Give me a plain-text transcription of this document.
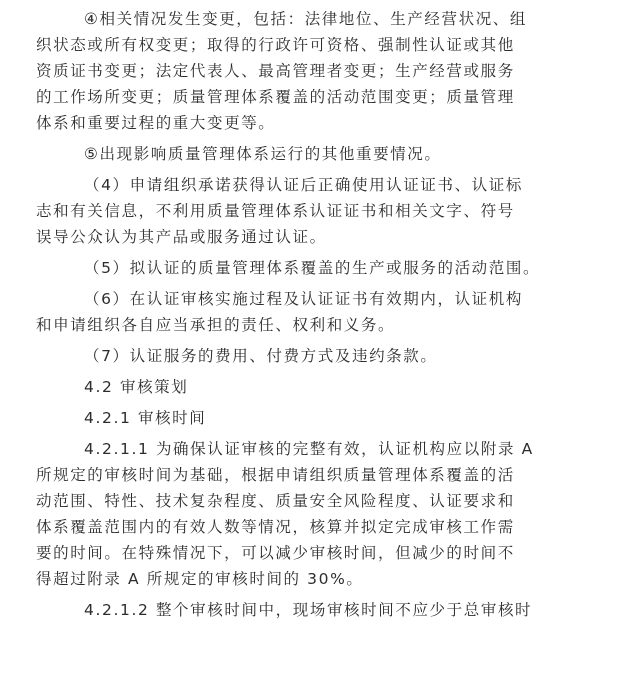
④相关情况发生变更，包括：法律地位、生产经营状况、组
织状态或所有权变更；取得的行政许可资格、强制性认证或其他
资质证书变更；法定代表人、最高管理者变更；生产经营或服务
的工作场所变更；质量管理体系覆盖的活动范围变更；质量管理
体系和重要过程的重大变更等。
⑤出现影响质量管理体系运行的其他重要情况。
（4）申请组织承诺获得认证后正确使用认证证书、认证标
志和有关信息，不利用质量管理体系认证证书和相关文字、符号
误导公众认为其产品或服务通过认证。
（5）拟认证的质量管理体系覆盖的生产或服务的活动范围。
（6）在认证审核实施过程及认证证书有效期内，认证机构
和申请组织各自应当承担的责任、权利和义务。
（7）认证服务的费用、付费方式及违约条款。
4.2 审核策划
4.2.1 审核时间
4.2.1.1 为确保认证审核的完整有效，认证机构应以附录 A
所规定的审核时间为基础，根据申请组织质量管理体系覆盖的活
动范围、特性、技术复杂程度、质量安全风险程度、认证要求和
体系覆盖范围内的有效人数等情况，核算并拟定完成审核工作需
要的时间。在特殊情况下，可以减少审核时间，但减少的时间不
得超过附录 A 所规定的审核时间的 30%。
4.2.1.2 整个审核时间中，现场审核时间不应少于总审核时
